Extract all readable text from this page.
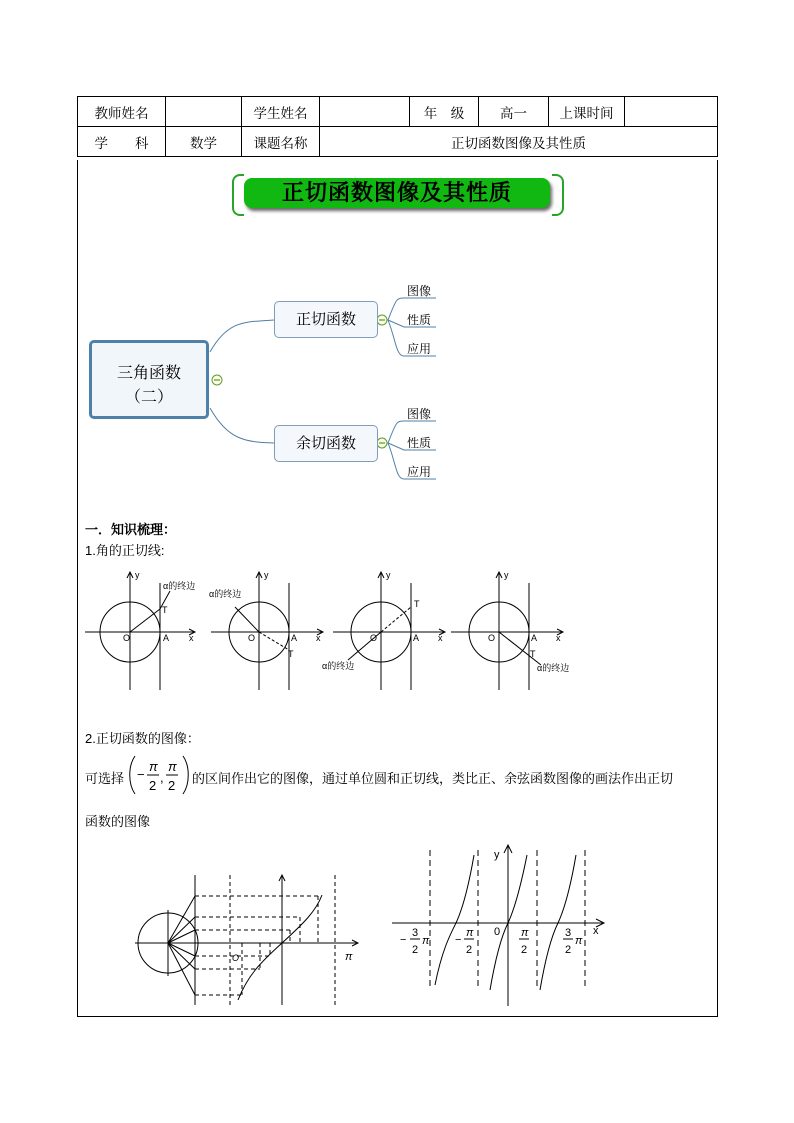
教师姓名		学生姓名		年　级	高一	上课时间	
学　　科	数学	课题名称	正切函数图像及其性质				
正切函数图像及其性质
三角函数
（二）
正切函数
余切函数
图像
性质
应用
图像
性质
应用
一．知识梳理：
1.角的正切线:
y
x
O	A
T
α的终边
y
x
O	A
T
α的终边
y
x
O	A
T
α的终边
y
x
O	A
T
α的终边
2.正切函数的图像：
可选择 −
π
2
,
π
2 的区间作出它的图像，通过单位圆和正切线，类比正、余弦函数图像的画法作出正切
函数的图像
π
O
y
x
0
−
3
2
π −
π
2
π
2
3
2
π
